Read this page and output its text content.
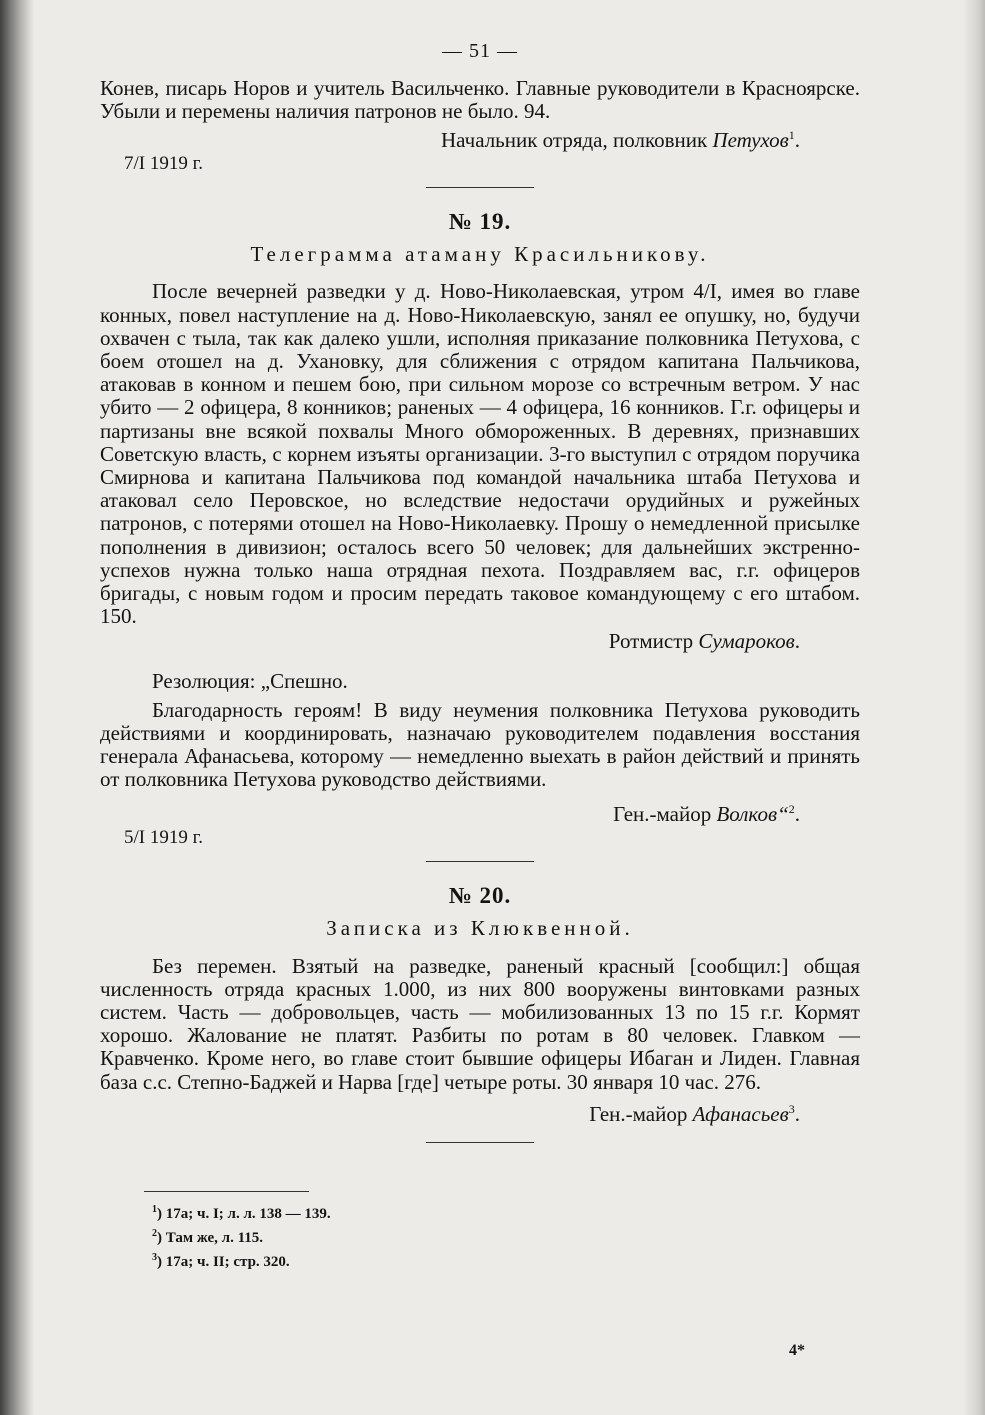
— 51 —

Конев, писарь Норов и учитель Васильченко. Главные руководители в Красноярске. Убыли и перемены наличия патронов не было. 94.

Начальник отряда, полковник Петухов$^1$.
7/I 1919 г.
№ 19.
Телеграмма атаману Красильникову.

После вечерней разведки у д. Ново-Николаевская, утром 4/I, имея во главе конных, повел наступление на д. Ново-Николаевскую, занял ее опушку, но, будучи охвачен с тыла, так как далеко ушли, исполняя приказание полковника Петухова, с боем отошел на д. Ухановку, для сближения с отрядом капитана Пальчикова, атаковав в конном и пешем бою, при сильном морозе со встречным ветром. У нас убито — 2 офицера, 8 конников; раненых — 4 офицера, 16 конников. Г.г. офицеры и партизаны вне всякой похвалы Много обмороженных. В деревнях, признавших Советскую власть, с корнем изъяты организации. 3-го выступил с отрядом поручика Смирнова и капитана Пальчикова под командой начальника штаба Петухова и атаковал село Перовское, но вследствие недостачи орудийных и ружейных патронов, с потерями отошел на Ново-Николаевку. Прошу о немедленной присылке пополнения в дивизион; осталось всего 50 человек; для дальнейших экстренно-успехов нужна только наша отрядная пехота. Поздравляем вас, г.г. офицеров бригады, с новым годом и просим передать таковое командующему с его штабом. 150.

Ротмистр Сумароков.

Резолюция: „Спешно.

Благодарность героям! В виду неумения полковника Петухова руководить действиями и координировать, назначаю руководителем подавления восстания генерала Афанасьева, которому — немедленно выехать в район действий и принять от полковника Петухова руководство действиями.

Ген.-майор Волков“$^2$.
5/I 1919 г.
№ 20.
Записка из Клюквенной.

Без перемен. Взятый на разведке, раненый красный [сообщил:] общая численность отряда красных 1.000, из них 800 вооружены винтовками разных систем. Часть — добровольцев, часть — мобилизованных 13 по 15 г.г. Кормят хорошо. Жалование не платят. Разбиты по ротам в 80 человек. Главком — Кравченко. Кроме него, во главе стоит бывшие офицеры Ибаган и Лиден. Главная база с.с. Степно-Баджей и Нарва [где] четыре роты. 30 января 10 час. 276.

Ген.-майор Афанасьев$^3$.
$^1$) 17а; ч. I; л. л. 138 — 139.
$^2$) Там же, л. 115.
$^3$) 17а; ч. II; стр. 320.
4*
